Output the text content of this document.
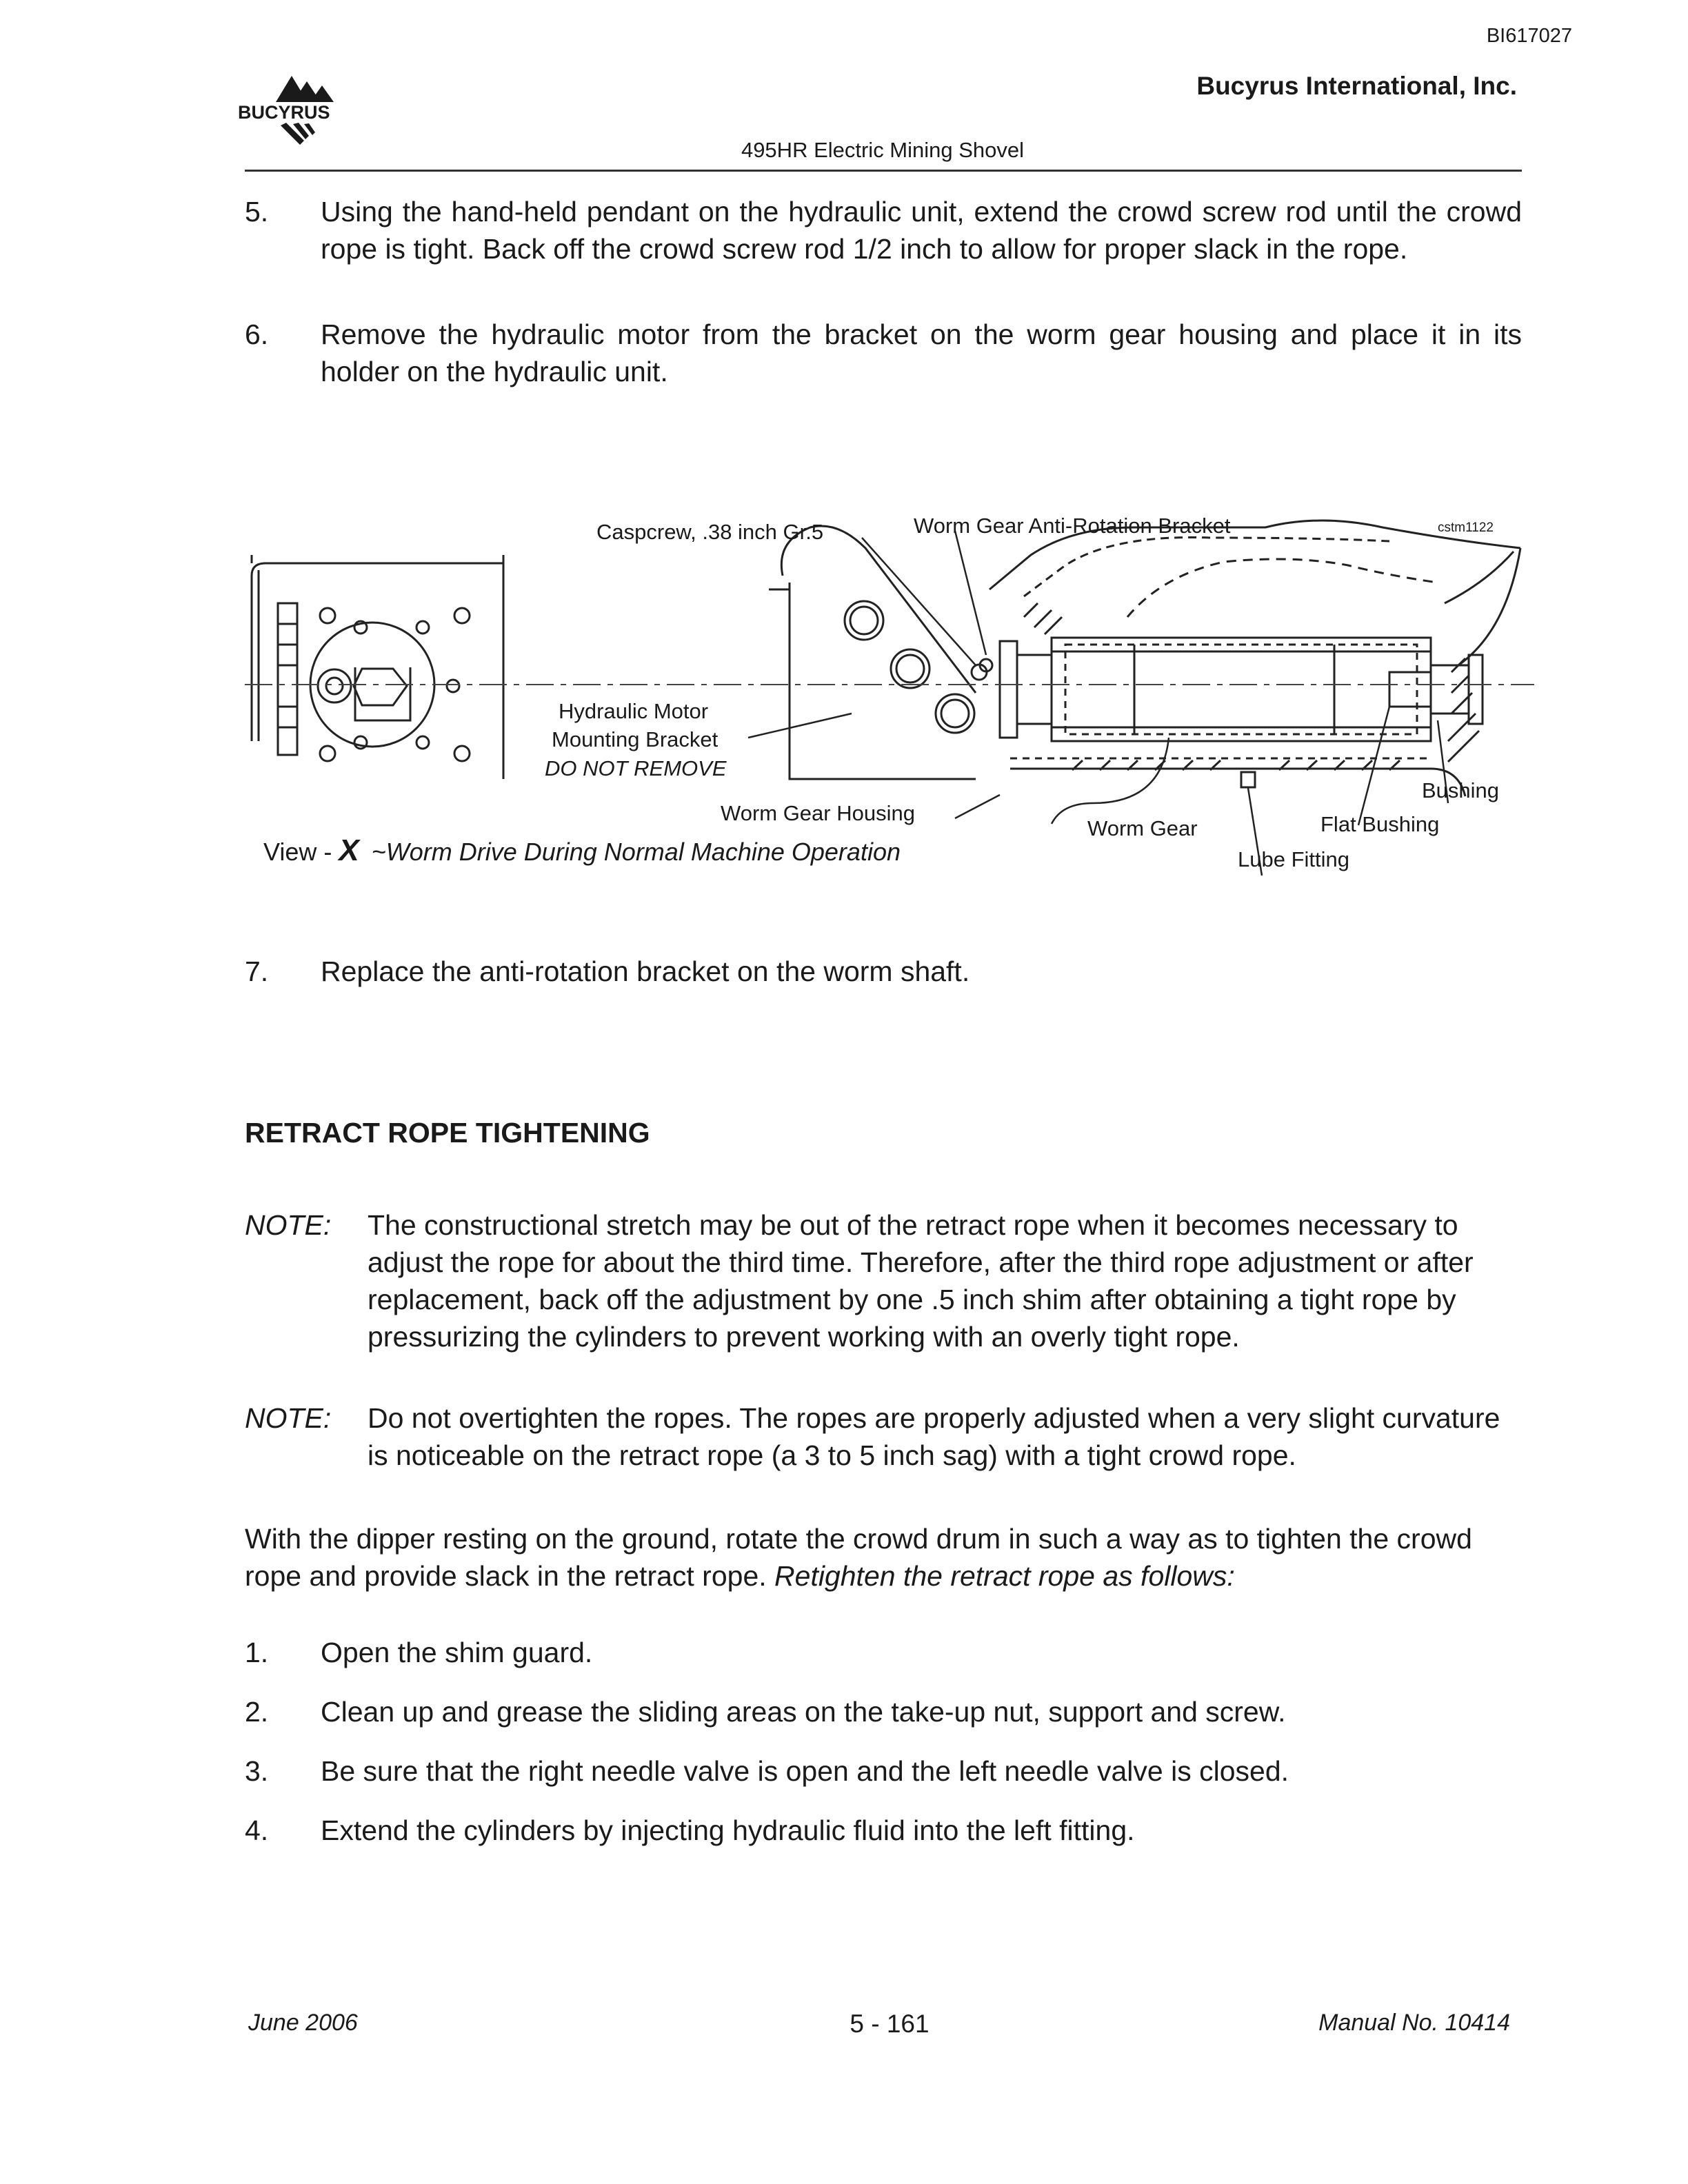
BI617027
Bucyrus International, Inc.
BUCYRUS
495HR Electric Mining Shovel
5. Using the hand-held pendant on the hydraulic unit, extend the crowd screw rod until the crowd rope is tight. Back off the crowd screw rod 1/2 inch to allow for proper slack in the rope.
6. Remove the hydraulic motor from the bracket on the worm gear housing and place it in its holder on the hydraulic unit.
Caspcrew, .38 inch Gr.5	Worm Gear Anti-Rotation Bracket	cstm1122
Hydraulic Motor
Mounting Bracket
DO NOT REMOVE
Worm Gear Housing
Worm Gear
Lube Fitting
Flat Bushing
Bushing
View - X ~Worm Drive During Normal Machine Operation
7. Replace the anti-rotation bracket on the worm shaft.
RETRACT ROPE TIGHTENING
NOTE: The constructional stretch may be out of the retract rope when it becomes necessary to adjust the rope for about the third time. Therefore, after the third rope adjustment or after replacement, back off the adjustment by one .5 inch shim after obtaining a tight rope by pressurizing the cylinders to prevent working with an overly tight rope.
NOTE: Do not overtighten the ropes. The ropes are properly adjusted when a very slight curvature is noticeable on the retract rope (a 3 to 5 inch sag) with a tight crowd rope.
With the dipper resting on the ground, rotate the crowd drum in such a way as to tighten the crowd rope and provide slack in the retract rope. Retighten the retract rope as follows:
1. Open the shim guard.
2. Clean up and grease the sliding areas on the take-up nut, support and screw.
3. Be sure that the right needle valve is open and the left needle valve is closed.
4. Extend the cylinders by injecting hydraulic fluid into the left fitting.
June 2006	5 - 161	Manual No. 10414
